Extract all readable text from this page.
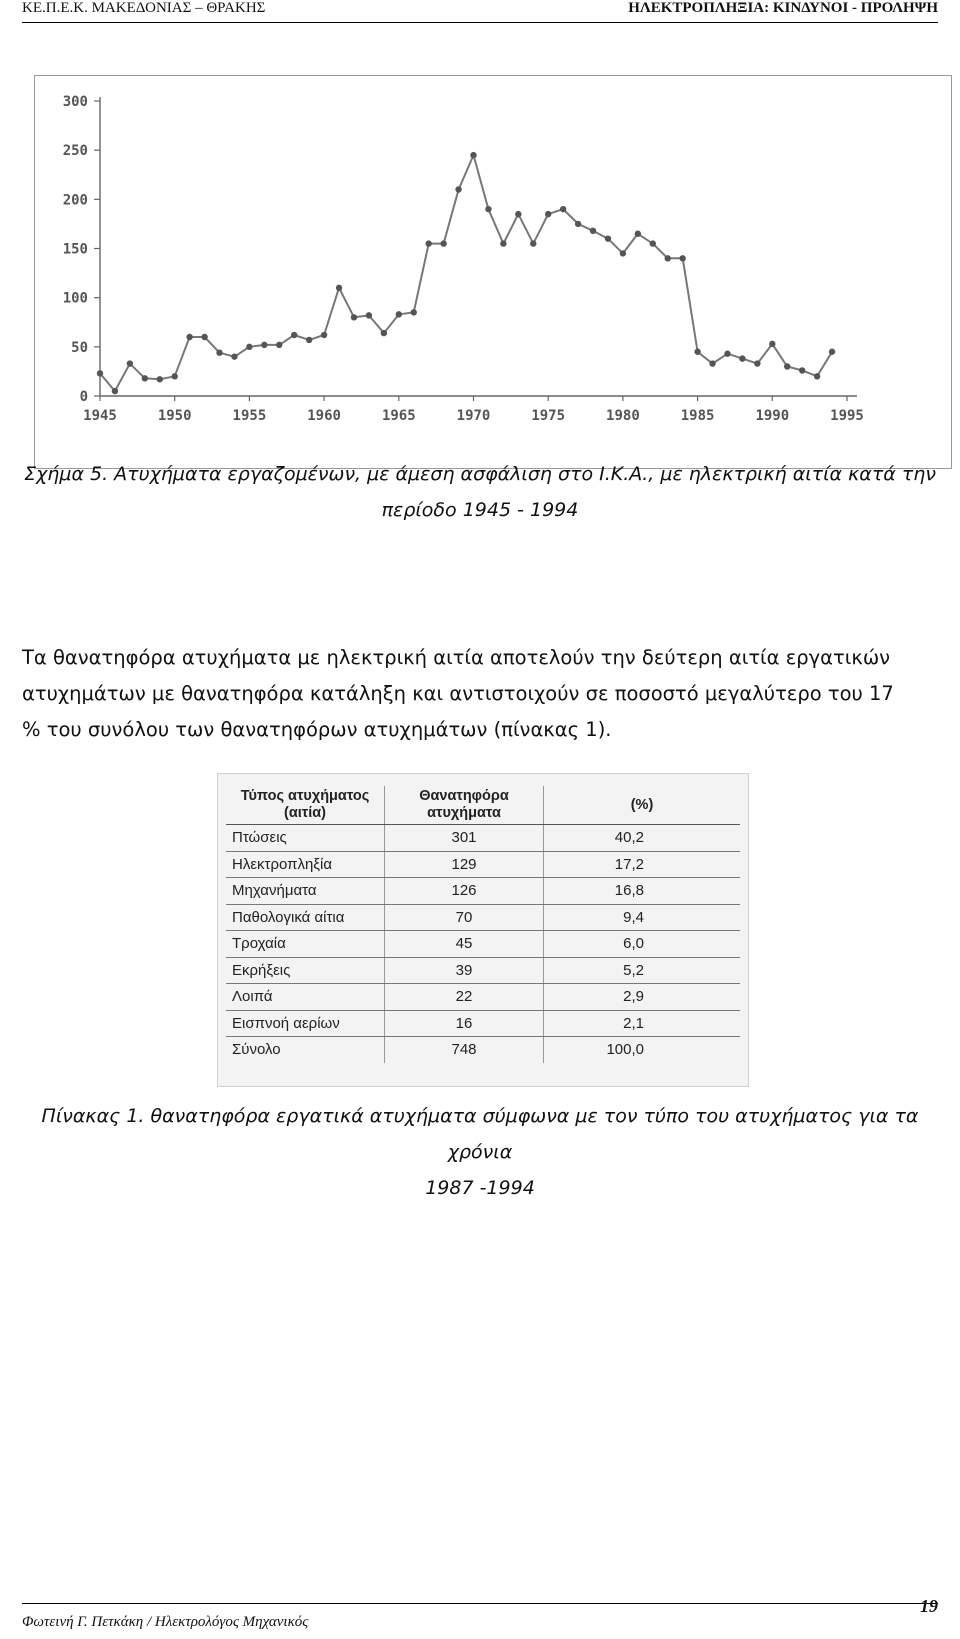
ΚΕ.Π.Ε.Κ. ΜΑΚΕΔΟΝΙΑΣ – ΘΡΑΚΗΣ	ΗΛΕΚΤΡΟΠΛΗΞΙΑ: ΚΙΝΔΥΝΟΙ - ΠΡΟΛΗΨΗ
0
50
100
150
200
250
300
1945	1950	1955	1960	1965	1970	1975	1980	1985	1990	1995
Σχήμα 5. Ατυχήματα εργαζομένων, με άμεση ασφάλιση στο Ι.Κ.Α., με ηλεκτρική αιτία κατά την
περίοδο 1945 - 1994
Τα θανατηφόρα ατυχήματα με ηλεκτρική αιτία αποτελούν την δεύτερη αιτία εργατικών
ατυχημάτων με θανατηφόρα κατάληξη και αντιστοιχούν σε ποσοστό μεγαλύτερο του 17
% του συνόλου των θανατηφόρων ατυχημάτων (πίνακας 1).
Τύπος ατυχήματος (αιτία)	Θανατηφόρα ατυχήματα	(%)
Πτώσεις	301	40,2
Ηλεκτροπληξία	129	17,2
Μηχανήματα	126	16,8
Παθολογικά αίτια	70	9,4
Τροχαία	45	6,0
Εκρήξεις	39	5,2
Λοιπά	22	2,9
Εισπνοή αερίων	16	2,1
Σύνολο	748	100,0
Πίνακας 1. θανατηφόρα εργατικά ατυχήματα σύμφωνα με τον τύπο του ατυχήματος για τα χρόνια
1987 -1994
Φωτεινή Γ. Πετκάκη / Ηλεκτρολόγος Μηχανικός
19
